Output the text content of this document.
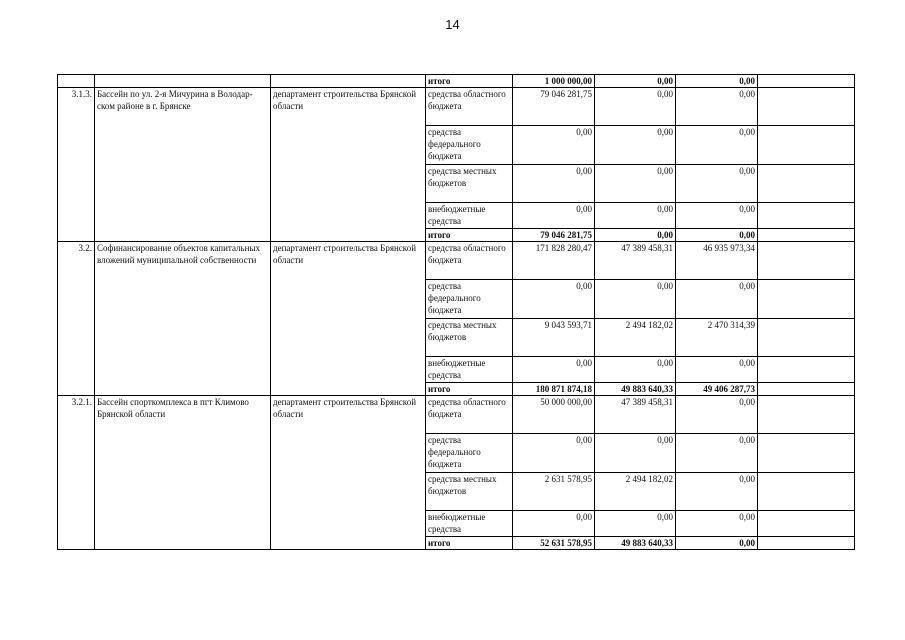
14
			итого	1 000 000,00	0,00	0,00	
3.1.3.	Бассейн по ул. 2-я Мичурина в Володар-ском районе в г. Брянске	департамент строительства Брянской области	средства областного бюджета	79 046 281,75	0,00	0,00	
			средства федерального бюджета	0,00	0,00	0,00	
			средства местных бюджетов	0,00	0,00	0,00	
			внебюджетные средства	0,00	0,00	0,00	
			итого	79 046 281,75	0,00	0,00	
3.2.	Софинансирование объектов капитальных вложений муниципальной собственности	департамент строительства Брянской области	средства областного бюджета	171 828 280,47	47 389 458,31	46 935 973,34	
			средства федерального бюджета	0,00	0,00	0,00	
			средства местных бюджетов	9 043 593,71	2 494 182,02	2 470 314,39	
			внебюджетные средства	0,00	0,00	0,00	
			итого	180 871 874,18	49 883 640,33	49 406 287,73	
3.2.1.	Бассейн спорткомплекса в пгт Климово Брянской области	департамент строительства Брянской области	средства областного бюджета	50 000 000,00	47 389 458,31	0,00	
			средства федерального бюджета	0,00	0,00	0,00	
			средства местных бюджетов	2 631 578,95	2 494 182,02	0,00	
			внебюджетные средства	0,00	0,00	0,00	
			итого	52 631 578,95	49 883 640,33	0,00	
